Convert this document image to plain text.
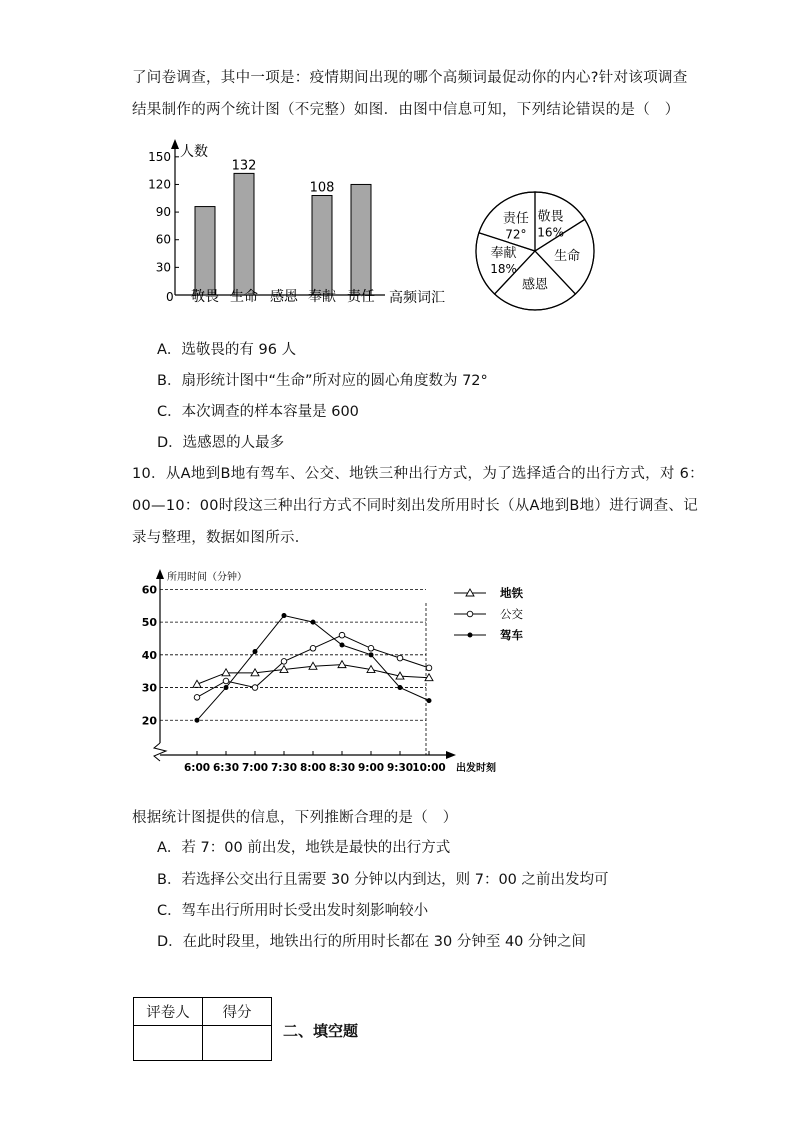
了问卷调查，其中一项是：疫情期间出现的哪个高频词最促动你的内心?针对该项调查
结果制作的两个统计图（不完整）如图．由图中信息可知，下列结论错误的是（　）
人数
高频词汇
0
30
60
90
120
150
敬畏
132
生命 感恩
108
奉献 责任
敬畏
16%
生命
感恩
奉献
18%
责任
72°
A．选敬畏的有 96 人
B．扇形统计图中“生命”所对应的圆心角度数为 72°
C．本次调查的样本容量是 600
D．选感恩的人最多
10．从A地到B地有驾车、公交、地铁三种出行方式，为了选择适合的出行方式，对 6：
00—10：00时段这三种出行方式不同时刻出发所用时长（从A地到B地）进行调查、记
录与整理，数据如图所示．
所用时间（分钟）
出发时刻
20
30
40
50
60
6:00 6:30 7:00 7:30 8:00 8:30 9:00 9:30 10:00
地铁
公交
驾车
根据统计图提供的信息，下列推断合理的是（　）
A．若 7：00 前出发，地铁是最快的出行方式
B．若选择公交出行且需要 30 分钟以内到达，则 7：00 之前出发均可
C．驾车出行所用时长受出发时刻影响较小
D．在此时段里，地铁出行的所用时长都在 30 分钟至 40 分钟之间
评卷人	得分

二、填空题
